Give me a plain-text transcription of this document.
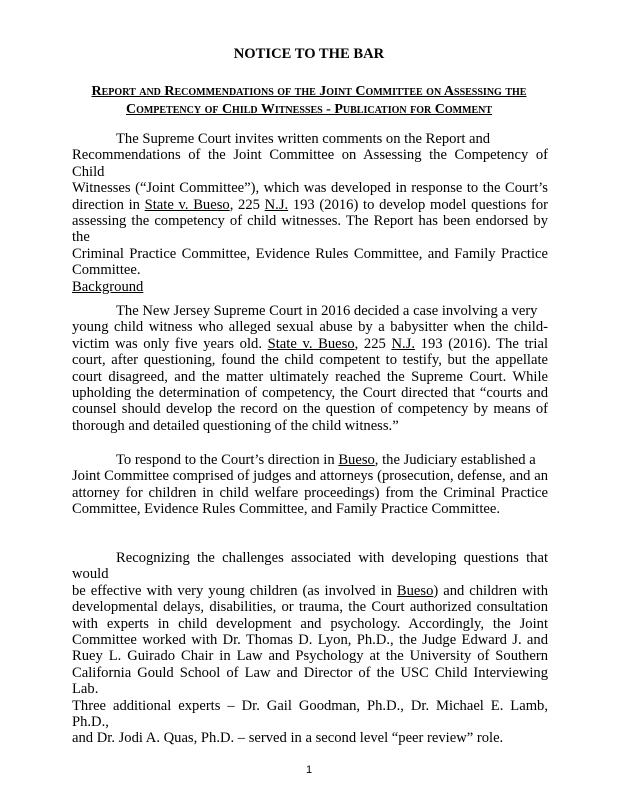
NOTICE TO THE BAR
Report and Recommendations of the Joint Committee on Assessing the
Competency of Child Witnesses - Publication for Comment

The Supreme Court invites written comments on the Report and
Recommendations of the Joint Committee on Assessing the Competency of Child
Witnesses (“Joint Committee”), which was developed in response to the Court’s
direction in State v. Bueso, 225 N.J. 193 (2016) to develop model questions for
assessing the competency of child witnesses. The Report has been endorsed by the
Criminal Practice Committee, Evidence Rules Committee, and Family Practice
Committee.

Background

The New Jersey Supreme Court in 2016 decided a case involving a very
young child witness who alleged sexual abuse by a babysitter when the child-
victim was only five years old. State v. Bueso, 225 N.J. 193 (2016). The trial
court, after questioning, found the child competent to testify, but the appellate
court disagreed, and the matter ultimately reached the Supreme Court. While
upholding the determination of competency, the Court directed that “courts and
counsel should develop the record on the question of competency by means of
thorough and detailed questioning of the child witness.”

To respond to the Court’s direction in Bueso, the Judiciary established a
Joint Committee comprised of judges and attorneys (prosecution, defense, and an
attorney for children in child welfare proceedings) from the Criminal Practice
Committee, Evidence Rules Committee, and Family Practice Committee.

Recognizing the challenges associated with developing questions that would
be effective with very young children (as involved in Bueso) and children with
developmental delays, disabilities, or trauma, the Court authorized consultation
with experts in child development and psychology. Accordingly, the Joint
Committee worked with Dr. Thomas D. Lyon, Ph.D., the Judge Edward J. and
Ruey L. Guirado Chair in Law and Psychology at the University of Southern
California Gould School of Law and Director of the USC Child Interviewing Lab.
Three additional experts – Dr. Gail Goodman, Ph.D., Dr. Michael E. Lamb, Ph.D.,
and Dr. Jodi A. Quas, Ph.D. – served in a second level “peer review” role.

1
